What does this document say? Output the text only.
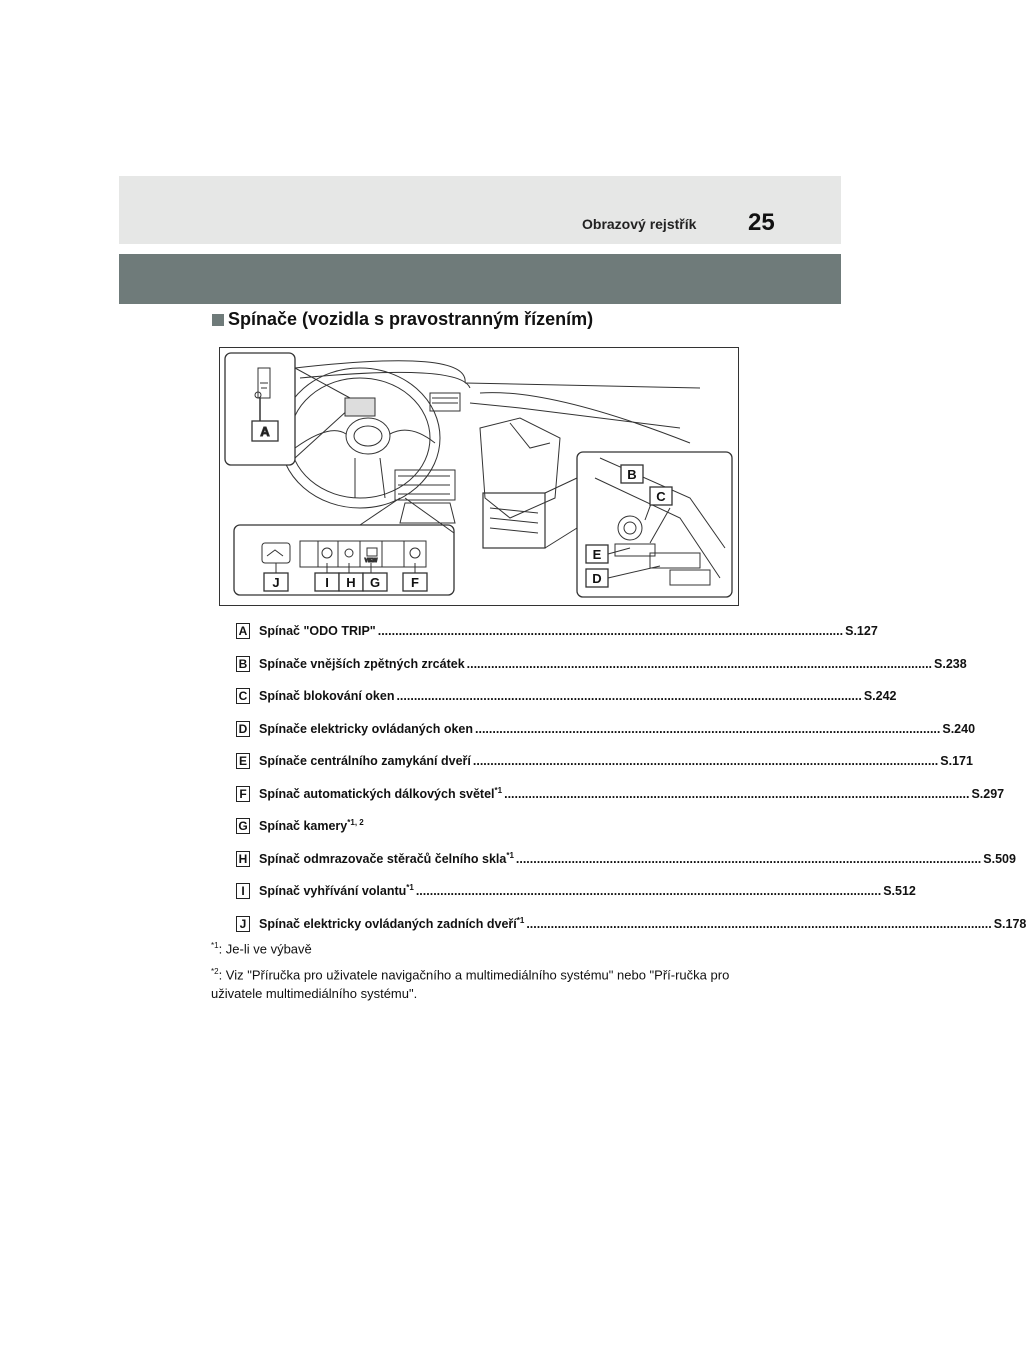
Obrazový rejstřík 25
Spínače (vozidla s pravostranným řízením)
A
VIEW
J	I H G F
B
C
E
D
A Spínač "ODO TRIP" ...................................................................................................................................... S.127
B Spínače vnějších zpětných zrcátek ...................................................................................................................................... S.238
C Spínač blokování oken ...................................................................................................................................... S.242
D Spínače elektricky ovládaných oken ...................................................................................................................................... S.240
E Spínače centrálního zamykání dveří ...................................................................................................................................... S.171
F Spínač automatických dálkových světel$^{*1}$ ...................................................................................................................................... S.297
G Spínač kamery$^{*1, 2}$
H Spínač odmrazovače stěračů čelního skla$^{*1}$ ...................................................................................................................................... S.509
I	Spínač vyhřívání volantu$^{*1}$ ...................................................................................................................................... S.512
J Spínač elektricky ovládaných zadních dveří$^{*1}$ ...................................................................................................................................... S.178
$^{*1}$: Je-li ve výbavě
$^{*2}$: Viz "Příručka pro uživatele navigačního a multimediálního systému" nebo "Pří-ručka pro uživatele multimediálního systému".
